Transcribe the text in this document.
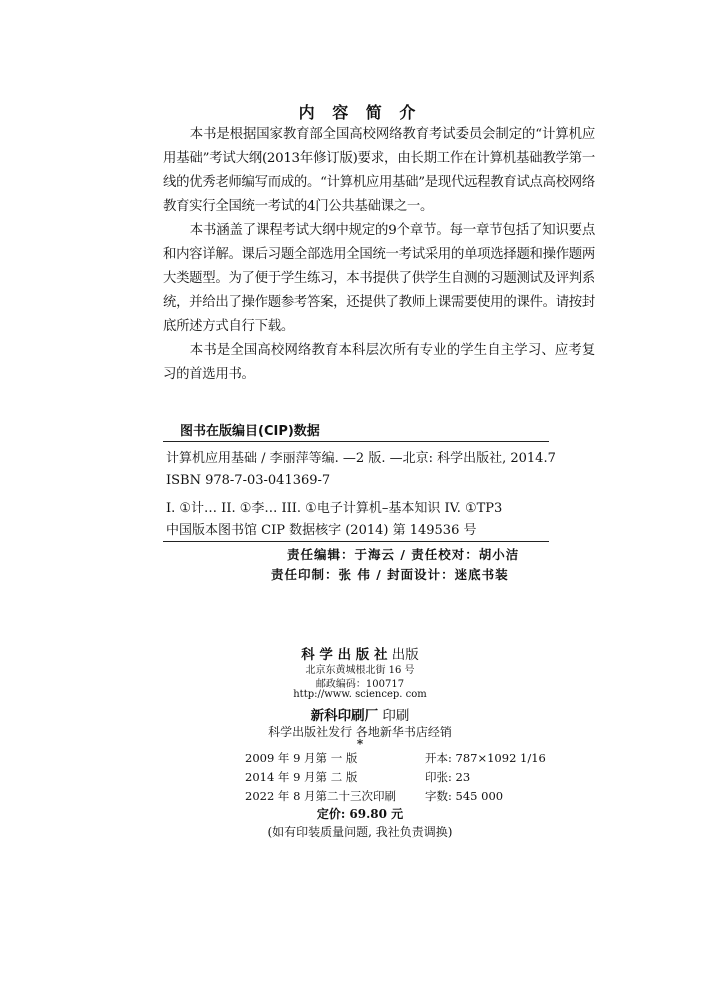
内 容 简 介

本书是根据国家教育部全国高校网络教育考试委员会制定的“计算机应用基础”考试大纲(2013年修订版)要求，由长期工作在计算机基础教学第一线的优秀老师编写而成的。“计算机应用基础”是现代远程教育试点高校网络教育实行全国统一考试的4门公共基础课之一。

本书涵盖了课程考试大纲中规定的9个章节。每一章节包括了知识要点和内容详解。课后习题全部选用全国统一考试采用的单项选择题和操作题两大类题型。为了便于学生练习，本书提供了供学生自测的习题测试及评判系统，并给出了操作题参考答案，还提供了教师上课需要使用的课件。请按封底所述方式自行下载。

本书是全国高校网络教育本科层次所有专业的学生自主学习、应考复习的首选用书。

图书在版编目(CIP)数据
计算机应用基础 / 李丽萍等编. —2 版. —北京: 科学出版社, 2014.7
ISBN 978-7-03-041369-7
I. ①计… II. ①李… III. ①电子计算机–基本知识 IV. ①TP3
中国版本图书馆 CIP 数据核字 (2014) 第 149536 号
责任编辑：于海云 / 责任校对：胡小洁
责任印制：张 伟 / 封面设计：迷底书装
科 学 出 版 社 出版
北京东黄城根北街 16 号
邮政编码：100717
http://www. sciencep. com
新科印刷厂 印刷
科学出版社发行 各地新华书店经销
*
2009 年 9 月第 一 版	开本: 787×1092 1/16
2014 年 9 月第 二 版	印张: 23
2022 年 8 月第二十三次印刷	字数: 545 000
定价: 69.80 元
(如有印装质量问题, 我社负责调换)
